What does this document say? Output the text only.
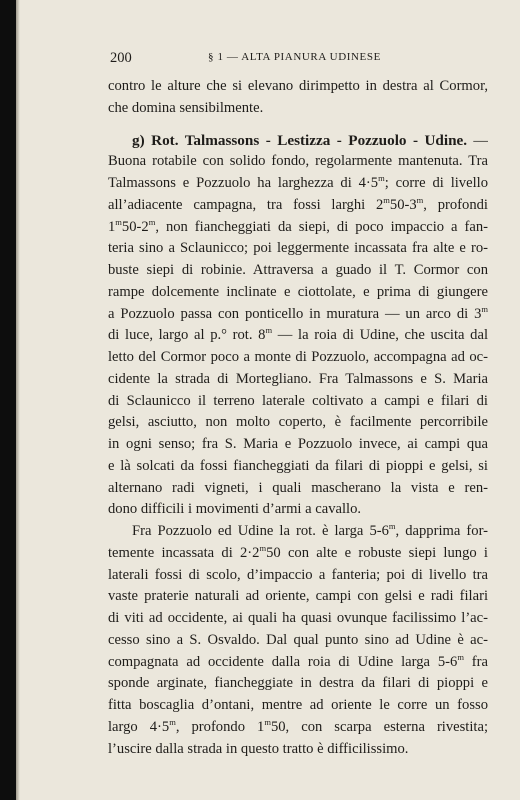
200	§ 1 — ALTA PIANURA UDINESE
contro le alture che si elevano dirimpetto in destra al Cormor,
che domina sensibilmente.
g) Rot. Talmassons - Lestizza - Pozzuolo - Udine. —
Buona rotabile con solido fondo, regolarmente mantenuta. Tra
Talmassons e Pozzuolo ha larghezza di $4\cdot 5^m$; corre di livello
all’adiacente campagna, tra fossi larghi 2$^m$50-3$^m$, profondi
1$^m$50-2$^m$, non fiancheggiati da siepi, di poco impaccio a fan-
teria sino a Sclaunicco; poi leggermente incassata fra alte e ro-
buste siepi di robinie. Attraversa a guado il T. Cormor con
rampe dolcemente inclinate e ciottolate, e prima di giungere
a Pozzuolo passa con ponticello in muratura — un arco di 3$^m$
di luce, largo al p.° rot. 8$^m$ — la roia di Udine, che uscita dal
letto del Cormor poco a monte di Pozzuolo, accompagna ad oc-
cidente la strada di Mortegliano. Fra Talmassons e S. Maria
di Sclaunicco il terreno laterale coltivato a campi e filari di
gelsi, asciutto, non molto coperto, è facilmente percorribile
in ogni senso; fra S. Maria e Pozzuolo invece, ai campi qua
e là solcati da fossi fiancheggiati da filari di pioppi e gelsi, si
alternano radi vigneti, i quali mascherano la vista e ren-
dono difficili i movimenti d’armi a cavallo.
Fra Pozzuolo ed Udine la rot. è larga 5-6$^m$, dapprima for-
temente incassata di $2\cdot 2^m50$ con alte e robuste siepi lungo i
laterali fossi di scolo, d’impaccio a fanteria; poi di livello tra
vaste praterie naturali ad oriente, campi con gelsi e radi filari
di viti ad occidente, ai quali ha quasi ovunque facilissimo l’ac-
cesso sino a S. Osvaldo. Dal qual punto sino ad Udine è ac-
compagnata ad occidente dalla roia di Udine larga 5-6$^m$ fra
sponde arginate, fiancheggiate in destra da filari di pioppi e
fitta boscaglia d’ontani, mentre ad oriente le corre un fosso
largo $4\cdot 5^m$, profondo 1$^m$50, con scarpa esterna rivestita;
l’uscire dalla strada in questo tratto è difficilissimo.
